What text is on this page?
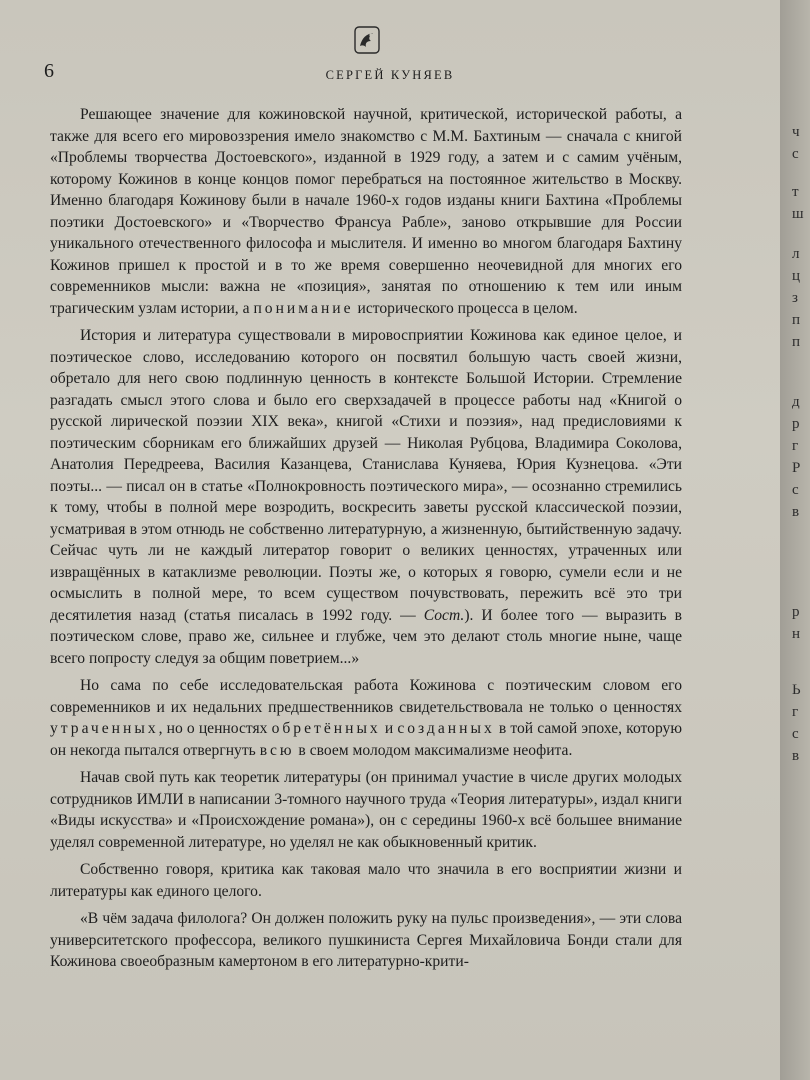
6	СЕРГЕЙ КУНЯЕВ

Решающее значение для кожиновской научной, критической, исторической работы, а также для всего его мировоззрения имело знакомство с М.М. Бахтиным — сначала с книгой «Проблемы творчества Достоевского», изданной в 1929 году, а затем и с самим учёным, которому Кожинов в конце концов помог перебраться на постоянное жительство в Москву. Именно благодаря Кожинову были в начале 1960-х годов изданы книги Бахтина «Проблемы поэтики Достоевского» и «Творчество Франсуа Рабле», заново открывшие для России уникального отечественного философа и мыслителя. И именно во многом благодаря Бахтину Кожинов пришел к простой и в то же время совершенно неочевидной для многих его современников мысли: важна не «позиция», занятая по отношению к тем или иным трагическим узлам истории, а понимание исторического процесса в целом.

История и литература существовали в мировосприятии Кожинова как единое целое, и поэтическое слово, исследованию которого он посвятил большую часть своей жизни, обретало для него свою подлинную ценность в контексте Большой Истории. Стремление разгадать смысл этого слова и было его сверхзадачей в процессе работы над «Книгой о русской лирической поэзии XIX века», книгой «Стихи и поэзия», над предисловиями к поэтическим сборникам его ближайших друзей — Николая Рубцова, Владимира Соколова, Анатолия Передреева, Василия Казанцева, Станислава Куняева, Юрия Кузнецова. «Эти поэты... — писал он в статье «Полнокровность поэтического мира», — осознанно стремились к тому, чтобы в полной мере возродить, воскресить заветы русской классической поэзии, усматривая в этом отнюдь не собственно литературную, а жизненную, бытийственную задачу. Сейчас чуть ли не каждый литератор говорит о великих ценностях, утраченных или извращённых в катаклизме революции. Поэты же, о которых я говорю, сумели если и не осмыслить в полной мере, то всем существом почувствовать, пережить всё это три десятилетия назад (статья писалась в 1992 году. — Сост.). И более того — выразить в поэтическом слове, право же, сильнее и глубже, чем это делают столь многие ныне, чаще всего попросту следуя за общим поветрием...»

Но сама по себе исследовательская работа Кожинова с поэтическим словом его современников и их недальних предшественников свидетельствовала не только о ценностях утраченных, но о ценностях обретённых и созданных в той самой эпохе, которую он некогда пытался отвергнуть всю в своем молодом максимализме неофита.

Начав свой путь как теоретик литературы (он принимал участие в числе других молодых сотрудников ИМЛИ в написании 3-томного научного труда «Теория литературы», издал книги «Виды искусства» и «Происхождение романа»), он с середины 1960-х всё большее внимание уделял современной литературе, но уделял не как обыкновенный критик.

Собственно говоря, критика как таковая мало что значила в его восприятии жизни и литературы как единого целого.

«В чём задача филолога? Он должен положить руку на пульс произведения», — эти слова университетского профессора, великого пушкиниста Сергея Михайловича Бонди стали для Кожинова своеобразным камертоном в его литературно-крити-

ч
с
т
ш
л
ц
з
п
п
д
р
г
Р
с
в
р
н
Ь
г
с
в
